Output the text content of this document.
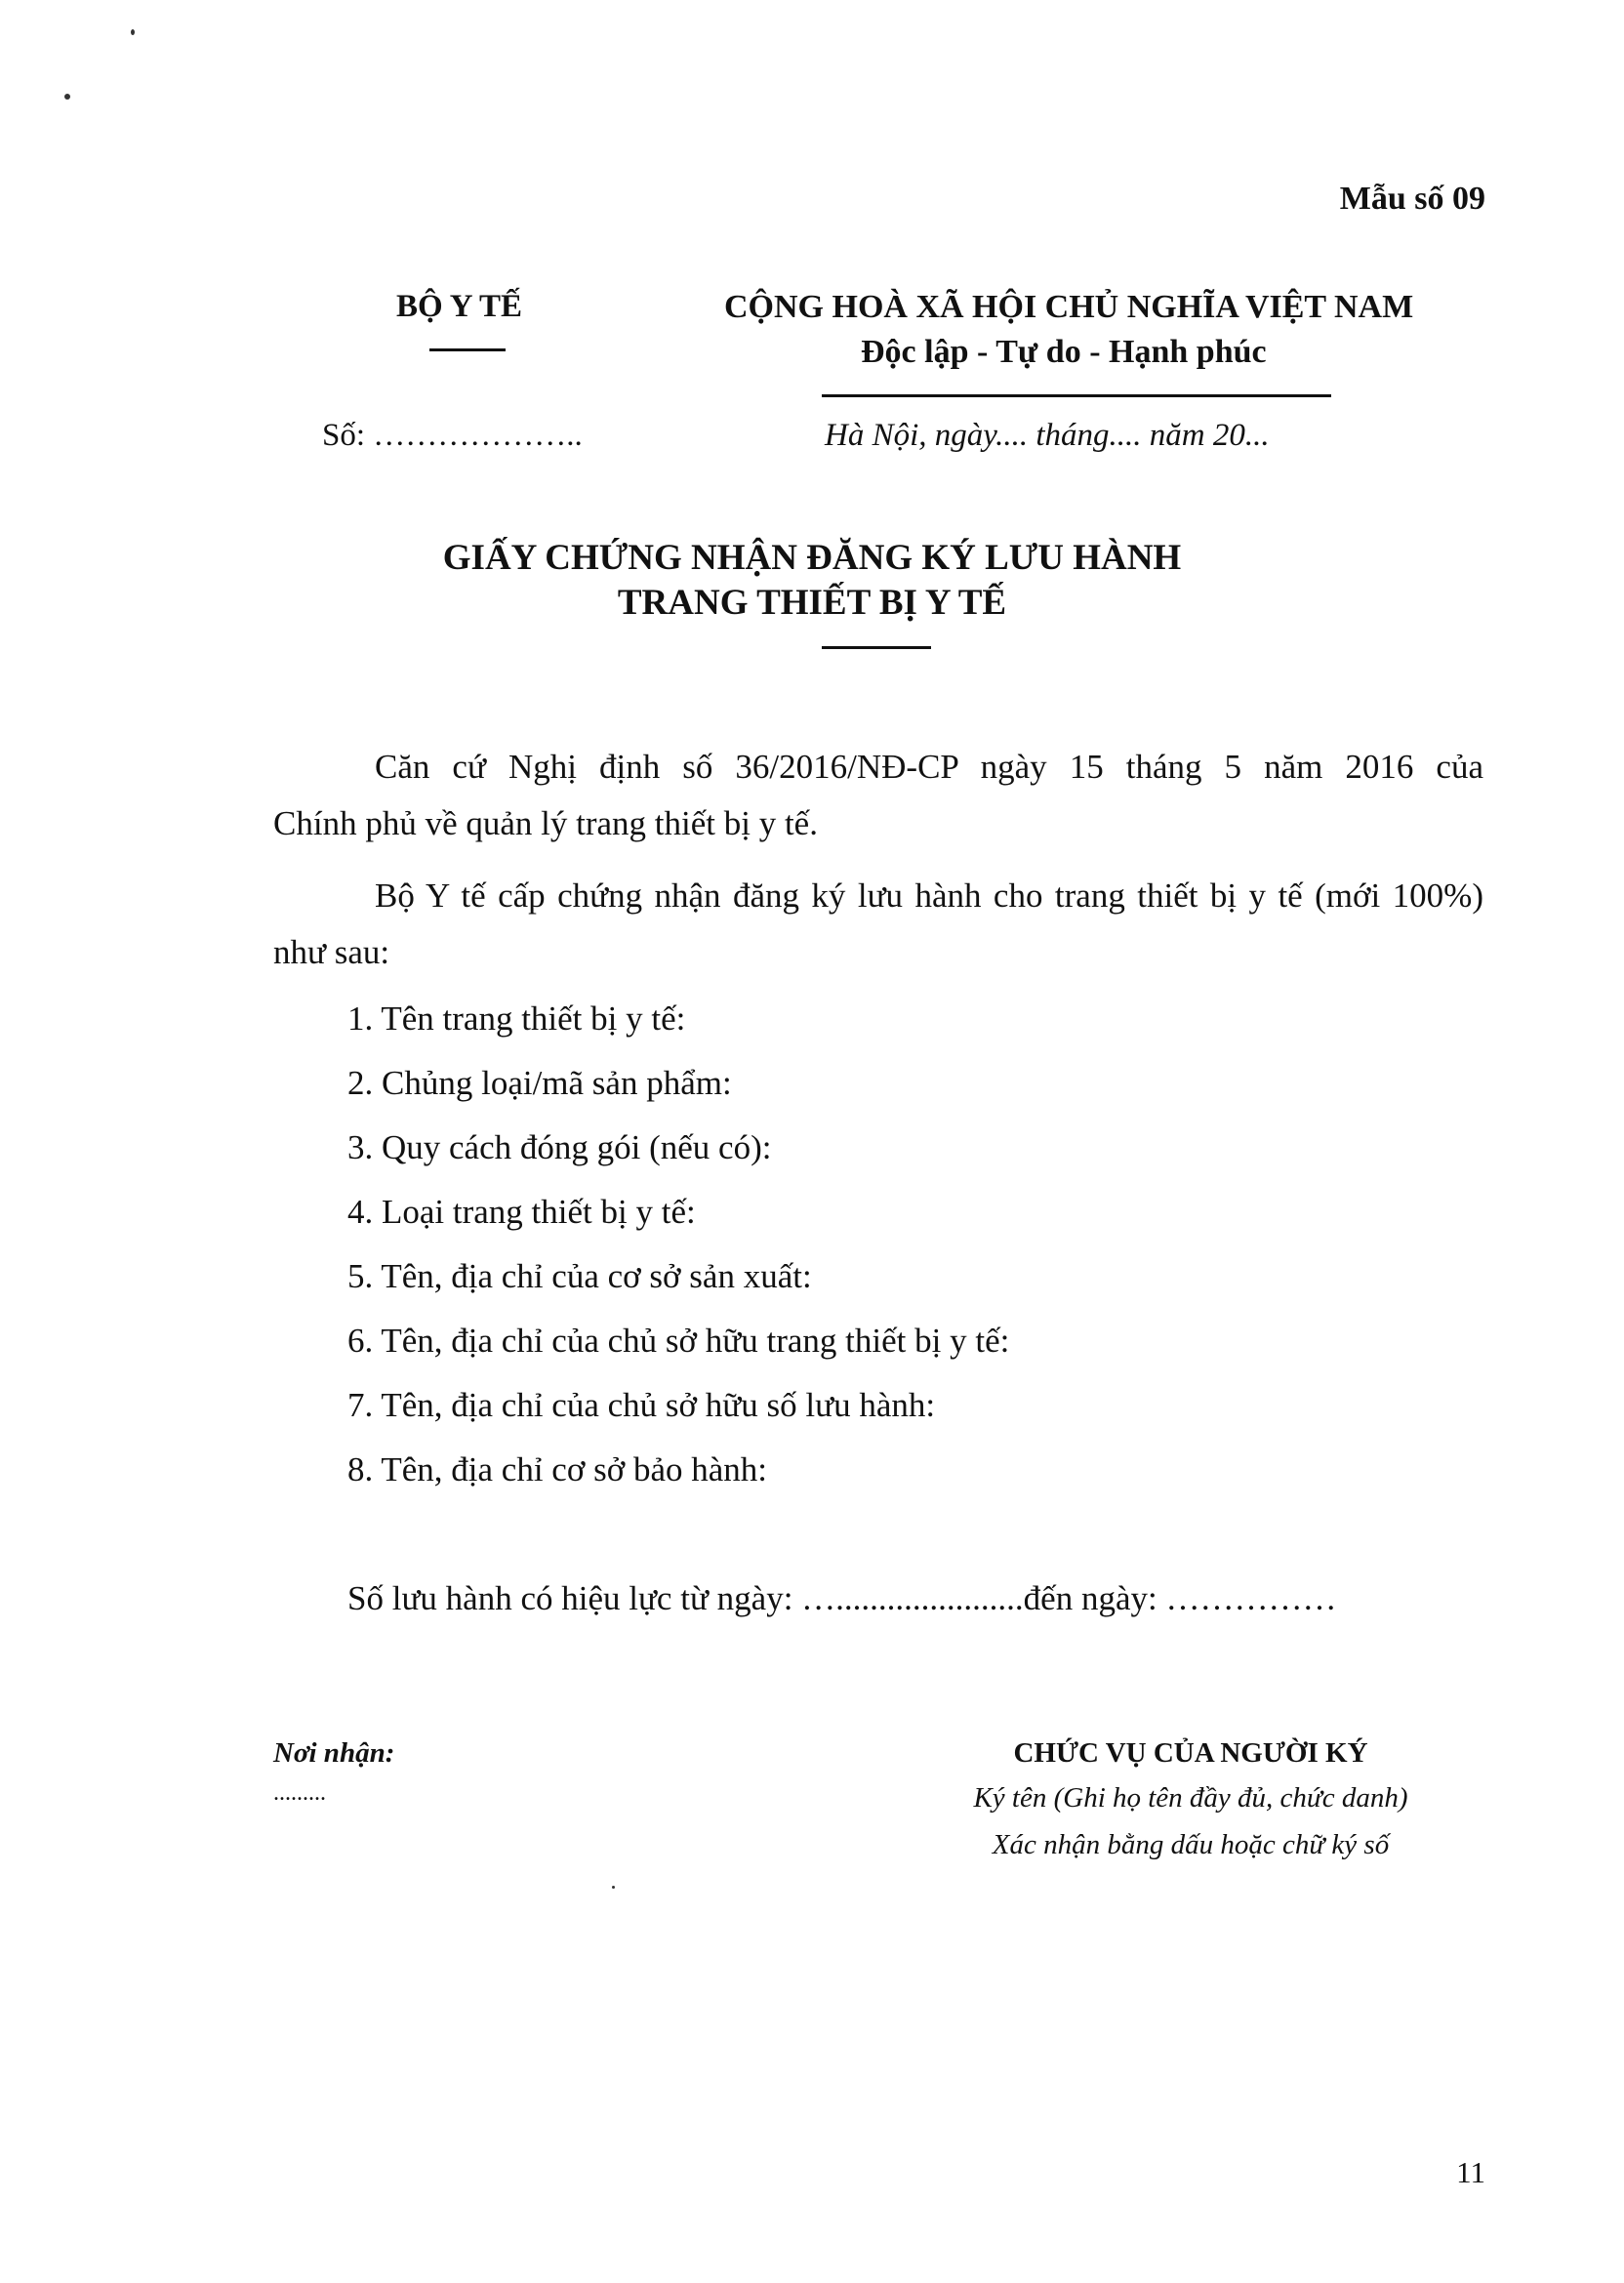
Mẫu số 09
BỘ Y TẾ	CỘNG HOÀ XÃ HỘI CHỦ NGHĨA VIỆT NAM
Độc lập - Tự do - Hạnh phúc
Số: ………………..	Hà Nội, ngày.... tháng.... năm 20...
GIẤY CHỨNG NHẬN ĐĂNG KÝ LƯU HÀNH
TRANG THIẾT BỊ Y TẾ
Căn cứ Nghị định số 36/2016/NĐ-CP ngày 15 tháng 5 năm 2016 của
Chính phủ về quản lý trang thiết bị y tế.
Bộ Y tế cấp chứng nhận đăng ký lưu hành cho trang thiết bị y tế (mới 100%)
như sau:
1. Tên trang thiết bị y tế:
2. Chủng loại/mã sản phẩm:
3. Quy cách đóng gói (nếu có):
4. Loại trang thiết bị y tế:
5. Tên, địa chỉ của cơ sở sản xuất:
6. Tên, địa chỉ của chủ sở hữu trang thiết bị y tế:
7. Tên, địa chỉ của chủ sở hữu số lưu hành:
8. Tên, địa chỉ cơ sở bảo hành:
Số lưu hành có hiệu lực từ ngày: …......................đến ngày: ……………
Nơi nhận:
.........
CHỨC VỤ CỦA NGƯỜI KÝ
Ký tên (Ghi họ tên đầy đủ, chức danh)
Xác nhận bằng dấu hoặc chữ ký số
11
